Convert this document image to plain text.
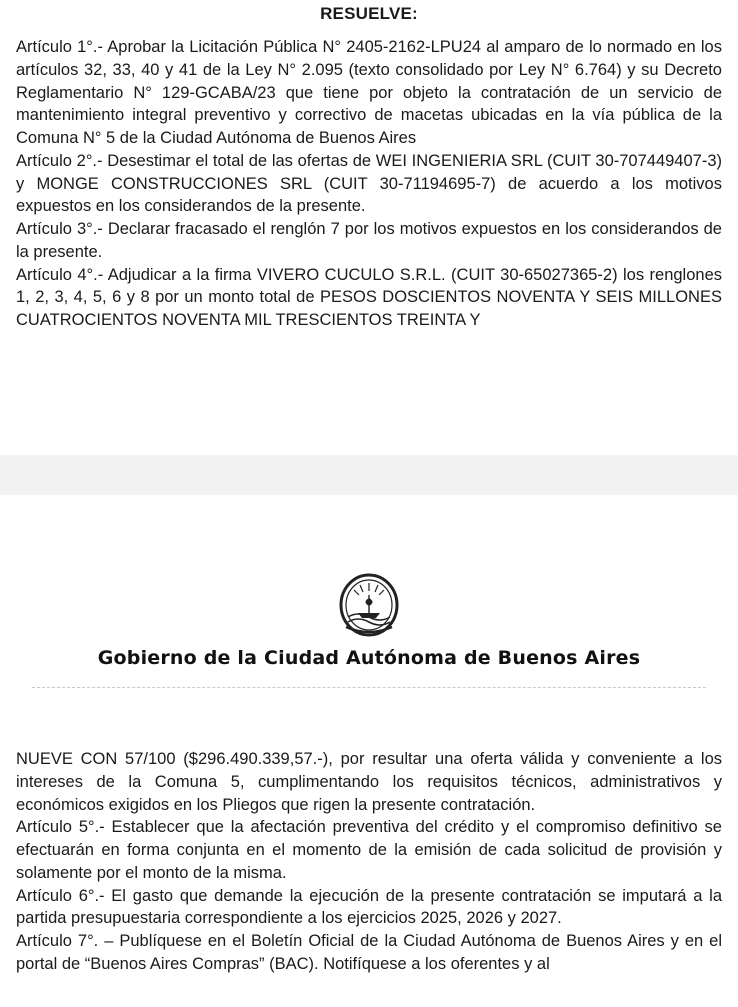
RESUELVE:

Artículo 1°.- Aprobar la Licitación Pública N° 2405-2162-LPU24 al amparo de lo normado en los artículos 32, 33, 40 y 41 de la Ley N° 2.095 (texto consolidado por Ley N° 6.764) y su Decreto Reglamentario N° 129-GCABA/23 que tiene por objeto la contratación de un servicio de mantenimiento integral preventivo y correctivo de macetas ubicadas en la vía pública de la Comuna N° 5 de la Ciudad Autónoma de Buenos Aires

Artículo 2°.- Desestimar el total de las ofertas de WEI INGENIERIA SRL (CUIT 30-707449407-3) y MONGE CONSTRUCCIONES SRL (CUIT 30-71194695-7) de acuerdo a los motivos expuestos en los considerandos de la presente.

Artículo 3°.- Declarar fracasado el renglón 7 por los motivos expuestos en los considerandos de la presente.

Artículo 4°.- Adjudicar a la firma VIVERO CUCULO S.R.L. (CUIT 30-65027365-2) los renglones 1, 2, 3, 4, 5, 6 y 8 por un monto total de PESOS DOSCIENTOS NOVENTA Y SEIS MILLONES CUATROCIENTOS NOVENTA MIL TRESCIENTOS TREINTA Y

Gobierno de la Ciudad Autónoma de Buenos Aires

NUEVE CON 57/100 ($296.490.339,57.-), por resultar una oferta válida y conveniente a los intereses de la Comuna 5, cumplimentando los requisitos técnicos, administrativos y económicos exigidos en los Pliegos que rigen la presente contratación.

Artículo 5°.- Establecer que la afectación preventiva del crédito y el compromiso definitivo se efectuarán en forma conjunta en el momento de la emisión de cada solicitud de provisión y solamente por el monto de la misma.

Artículo 6°.- El gasto que demande la ejecución de la presente contratación se imputará a la partida presupuestaria correspondiente a los ejercicios 2025, 2026 y 2027.

Artículo 7°. – Publíquese en el Boletín Oficial de la Ciudad Autónoma de Buenos Aires y en el portal de “Buenos Aires Compras” (BAC). Notifíquese a los oferentes y al
